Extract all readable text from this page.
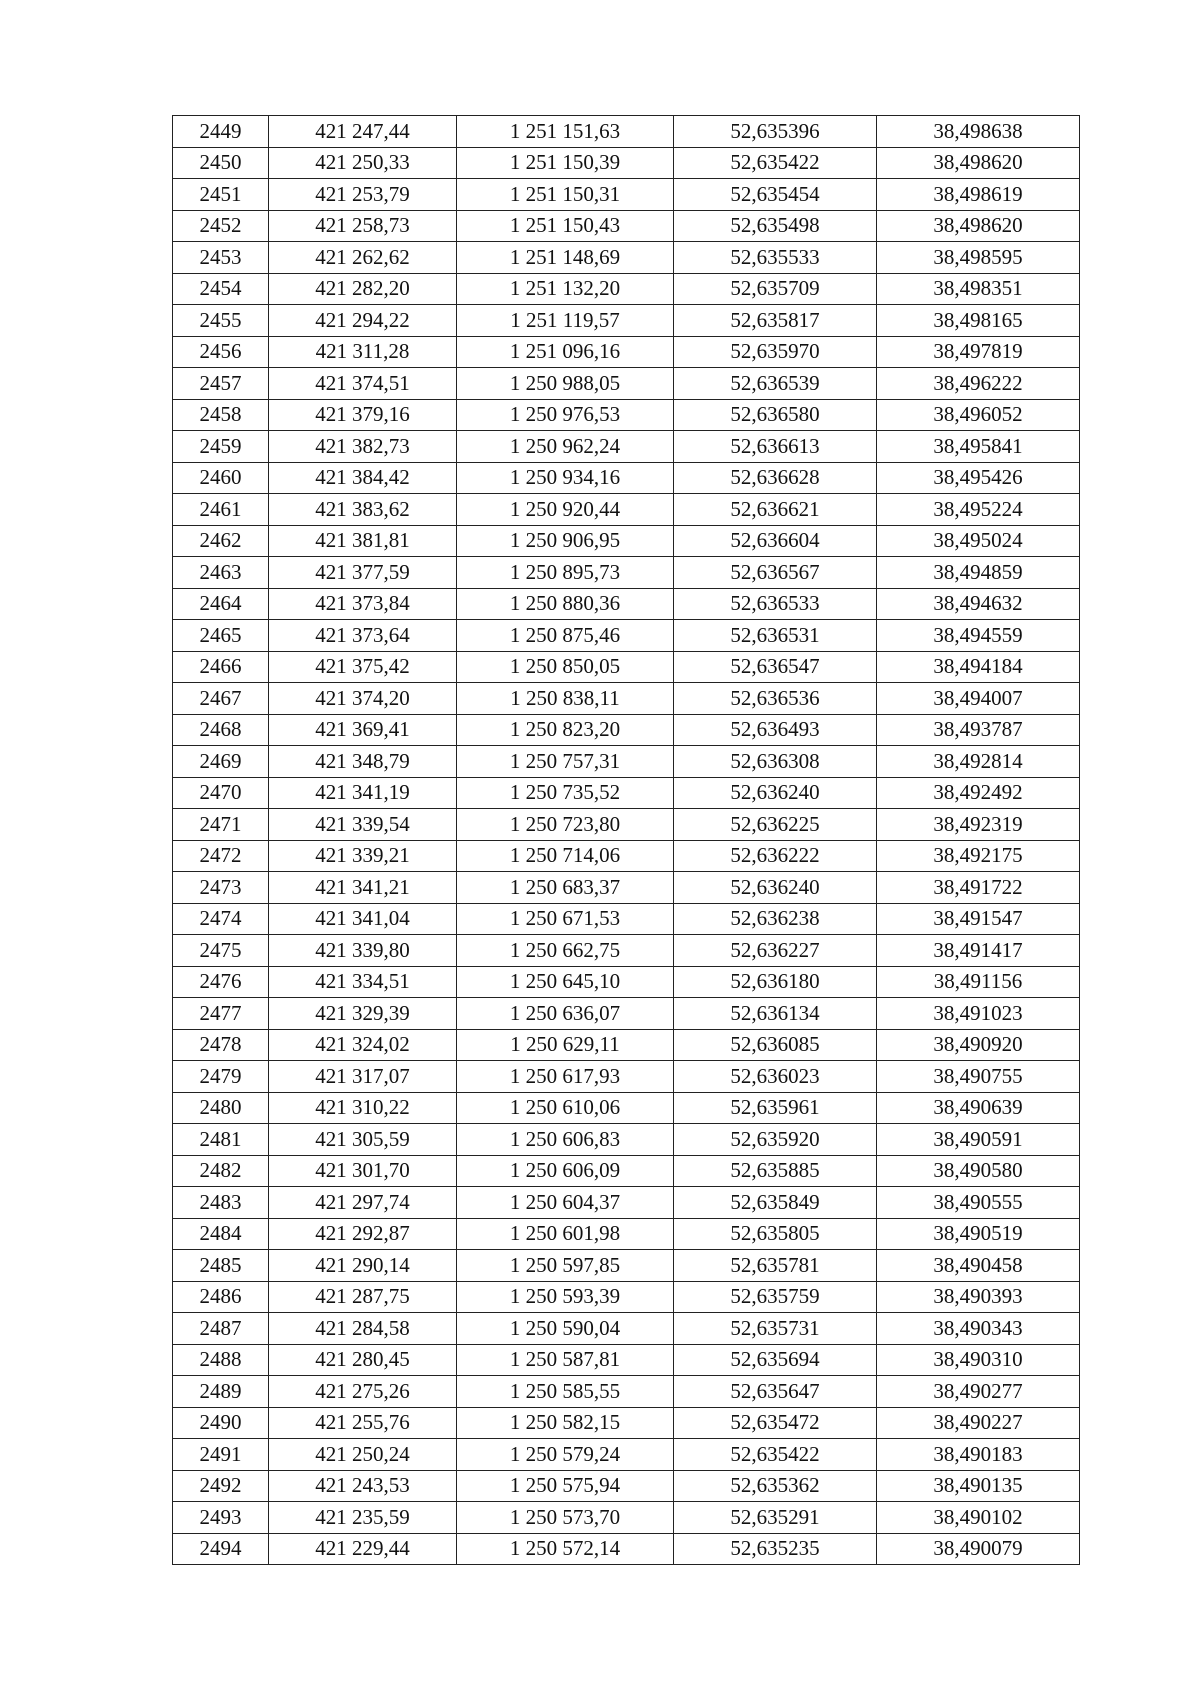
2449	421 247,44	1 251 151,63	52,635396	38,498638
2450	421 250,33	1 251 150,39	52,635422	38,498620
2451	421 253,79	1 251 150,31	52,635454	38,498619
2452	421 258,73	1 251 150,43	52,635498	38,498620
2453	421 262,62	1 251 148,69	52,635533	38,498595
2454	421 282,20	1 251 132,20	52,635709	38,498351
2455	421 294,22	1 251 119,57	52,635817	38,498165
2456	421 311,28	1 251 096,16	52,635970	38,497819
2457	421 374,51	1 250 988,05	52,636539	38,496222
2458	421 379,16	1 250 976,53	52,636580	38,496052
2459	421 382,73	1 250 962,24	52,636613	38,495841
2460	421 384,42	1 250 934,16	52,636628	38,495426
2461	421 383,62	1 250 920,44	52,636621	38,495224
2462	421 381,81	1 250 906,95	52,636604	38,495024
2463	421 377,59	1 250 895,73	52,636567	38,494859
2464	421 373,84	1 250 880,36	52,636533	38,494632
2465	421 373,64	1 250 875,46	52,636531	38,494559
2466	421 375,42	1 250 850,05	52,636547	38,494184
2467	421 374,20	1 250 838,11	52,636536	38,494007
2468	421 369,41	1 250 823,20	52,636493	38,493787
2469	421 348,79	1 250 757,31	52,636308	38,492814
2470	421 341,19	1 250 735,52	52,636240	38,492492
2471	421 339,54	1 250 723,80	52,636225	38,492319
2472	421 339,21	1 250 714,06	52,636222	38,492175
2473	421 341,21	1 250 683,37	52,636240	38,491722
2474	421 341,04	1 250 671,53	52,636238	38,491547
2475	421 339,80	1 250 662,75	52,636227	38,491417
2476	421 334,51	1 250 645,10	52,636180	38,491156
2477	421 329,39	1 250 636,07	52,636134	38,491023
2478	421 324,02	1 250 629,11	52,636085	38,490920
2479	421 317,07	1 250 617,93	52,636023	38,490755
2480	421 310,22	1 250 610,06	52,635961	38,490639
2481	421 305,59	1 250 606,83	52,635920	38,490591
2482	421 301,70	1 250 606,09	52,635885	38,490580
2483	421 297,74	1 250 604,37	52,635849	38,490555
2484	421 292,87	1 250 601,98	52,635805	38,490519
2485	421 290,14	1 250 597,85	52,635781	38,490458
2486	421 287,75	1 250 593,39	52,635759	38,490393
2487	421 284,58	1 250 590,04	52,635731	38,490343
2488	421 280,45	1 250 587,81	52,635694	38,490310
2489	421 275,26	1 250 585,55	52,635647	38,490277
2490	421 255,76	1 250 582,15	52,635472	38,490227
2491	421 250,24	1 250 579,24	52,635422	38,490183
2492	421 243,53	1 250 575,94	52,635362	38,490135
2493	421 235,59	1 250 573,70	52,635291	38,490102
2494	421 229,44	1 250 572,14	52,635235	38,490079
